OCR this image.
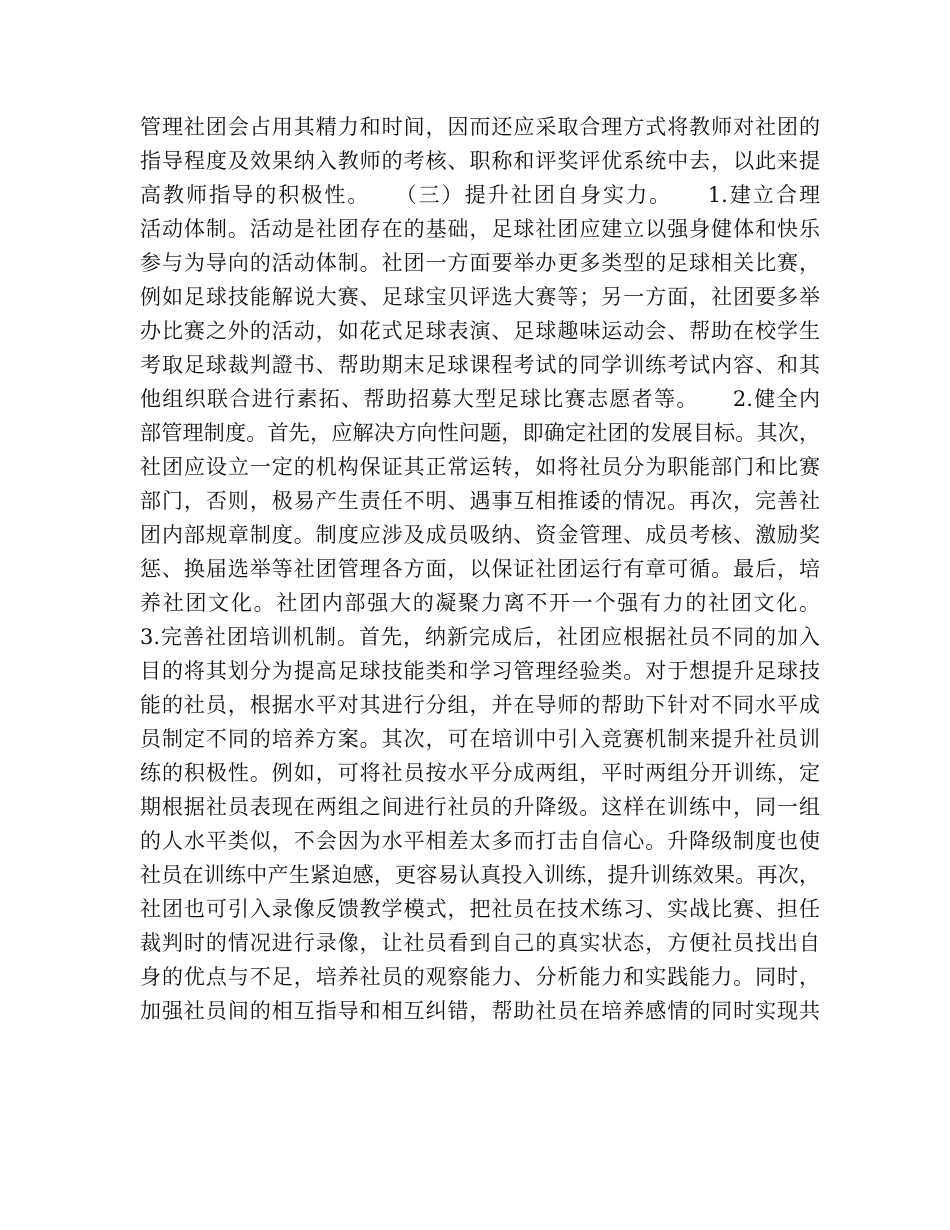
管理社团会占用其精力和时间，因而还应采取合理方式将教师对社团的
指导程度及效果纳入教师的考核、职称和评奖评优系统中去，以此来提
高教师指导的积极性。　　（三）提升社团自身实力。　　1.建立合理
活动体制。活动是社团存在的基础，足球社团应建立以强身健体和快乐
参与为导向的活动体制。社团一方面要举办更多类型的足球相关比赛，
例如足球技能解说大赛、足球宝贝评选大赛等；另一方面，社团要多举
办比赛之外的活动，如花式足球表演、足球趣味运动会、帮助在校学生
考取足球裁判證书、帮助期末足球课程考试的同学训练考试内容、和其
他组织联合进行素拓、帮助招募大型足球比赛志愿者等。　　2.健全内
部管理制度。首先，应解决方向性问题，即确定社团的发展目标。其次，
社团应设立一定的机构保证其正常运转，如将社员分为职能部门和比赛
部门，否则，极易产生责任不明、遇事互相推诿的情况。再次，完善社
团内部规章制度。制度应涉及成员吸纳、资金管理、成员考核、激励奖
惩、换届选举等社团管理各方面，以保证社团运行有章可循。最后，培
养社团文化。社团内部强大的凝聚力离不开一个强有力的社团文化。
3.完善社团培训机制。首先，纳新完成后，社团应根据社员不同的加入
目的将其划分为提高足球技能类和学习管理经验类。对于想提升足球技
能的社员，根据水平对其进行分组，并在导师的帮助下针对不同水平成
员制定不同的培养方案。其次，可在培训中引入竞赛机制来提升社员训
练的积极性。例如，可将社员按水平分成两组，平时两组分开训练，定
期根据社员表现在两组之间进行社员的升降级。这样在训练中，同一组
的人水平类似，不会因为水平相差太多而打击自信心。升降级制度也使
社员在训练中产生紧迫感，更容易认真投入训练，提升训练效果。再次，
社团也可引入录像反馈教学模式，把社员在技术练习、实战比赛、担任
裁判时的情况进行录像，让社员看到自己的真实状态，方便社员找出自
身的优点与不足，培养社员的观察能力、分析能力和实践能力。同时，
加强社员间的相互指导和相互纠错，帮助社员在培养感情的同时实现共
